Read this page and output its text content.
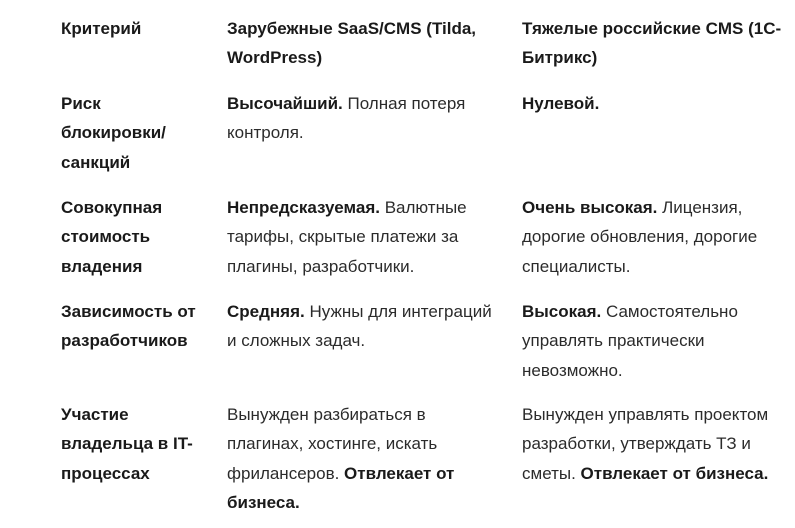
Критерий	Зарубежные SaaS/CMS (Tilda, WordPress)
Тяжелые российские CMS (1С-Битрикс)
Риск блокировки/санкций
Высочайший. Полная потеря контроля.
Нулевой.
Совокупная стоимость владения
Непредсказуемая. Валютные тарифы, скрытые платежи за плагины, разработчики.
Очень высокая. Лицензия, дорогие обновления, дорогие специалисты.
Зависимость от разработчиков
Средняя. Нужны для интеграций и сложных задач.
Высокая. Самостоятельно управлять практически невозможно.
Участие владельца в IT-процессах
Вынужден разбираться в плагинах, хостинге, искать фрилансеров. Отвлекает от бизнеса.
Вынужден управлять проектом разработки, утверждать ТЗ и сметы. Отвлекает от бизнеса.
